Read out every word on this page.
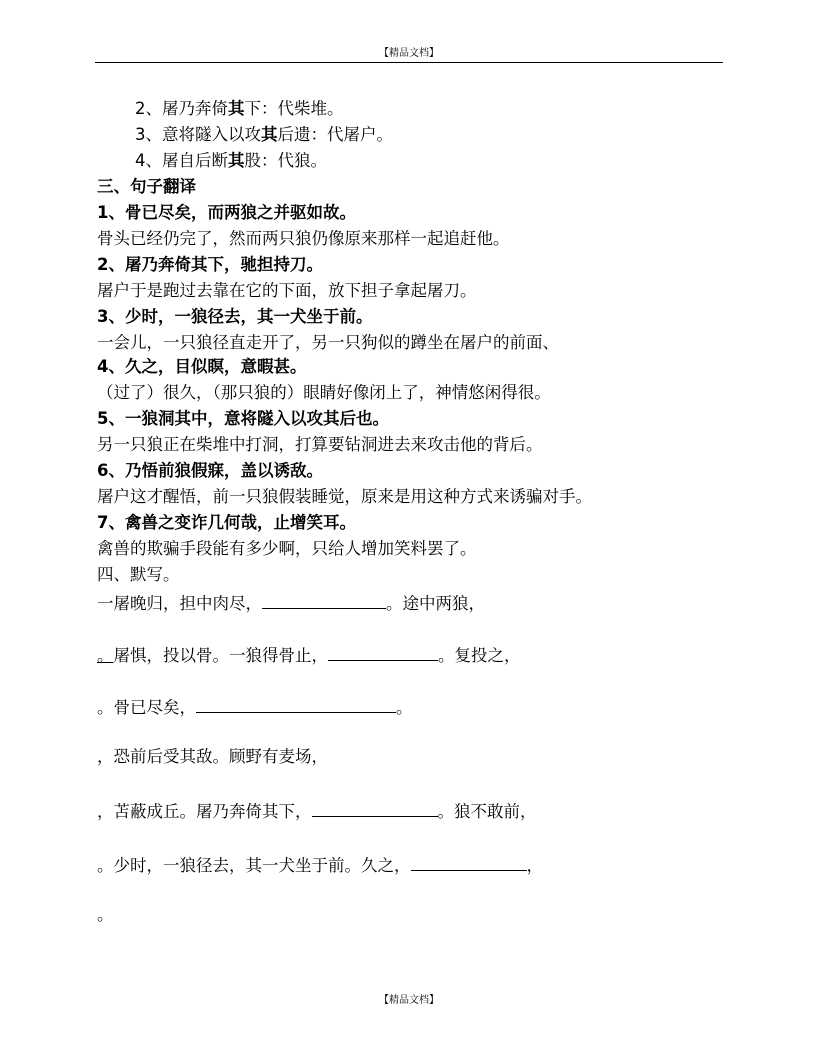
【精品文档】
2、屠乃奔倚其下：代柴堆。
3、意将隧入以攻其后遗：代屠户。
4、屠自后断其股：代狼。
三、句子翻译
1、骨已尽矣，而两狼之并驱如故。
骨头已经仍完了，然而两只狼仍像原来那样一起追赶他。
2、屠乃奔倚其下，驰担持刀。
屠户于是跑过去靠在它的下面，放下担子拿起屠刀。
3、少时，一狼径去，其一犬坐于前。
一会儿，一只狼径直走开了，另一只狗似的蹲坐在屠户的前面、
4、久之，目似瞑，意暇甚。
（过了）很久，（那只狼的）眼睛好像闭上了，神情悠闲得很。
5、一狼洞其中，意将隧入以攻其后也。
另一只狼正在柴堆中打洞，打算要钻洞进去来攻击他的背后。
6、乃悟前狼假寐，盖以诱敌。
屠户这才醒悟，前一只狼假装睡觉，原来是用这种方式来诱骗对手。
7、禽兽之变诈几何哉，止增笑耳。
禽兽的欺骗手段能有多少啊，只给人增加笑料罢了。
四、默写。
一屠晚归，担中肉尽，	。途中两狼，
。屠惧，投以骨。一狼得骨止，	。复投之，
。骨已尽矣，	。
，恐前后受其敌。顾野有麦场，
，苫蔽成丘。屠乃奔倚其下，	。狼不敢前，
。少时，一狼径去，其一犬坐于前。久之，	，
。
【精品文档】
